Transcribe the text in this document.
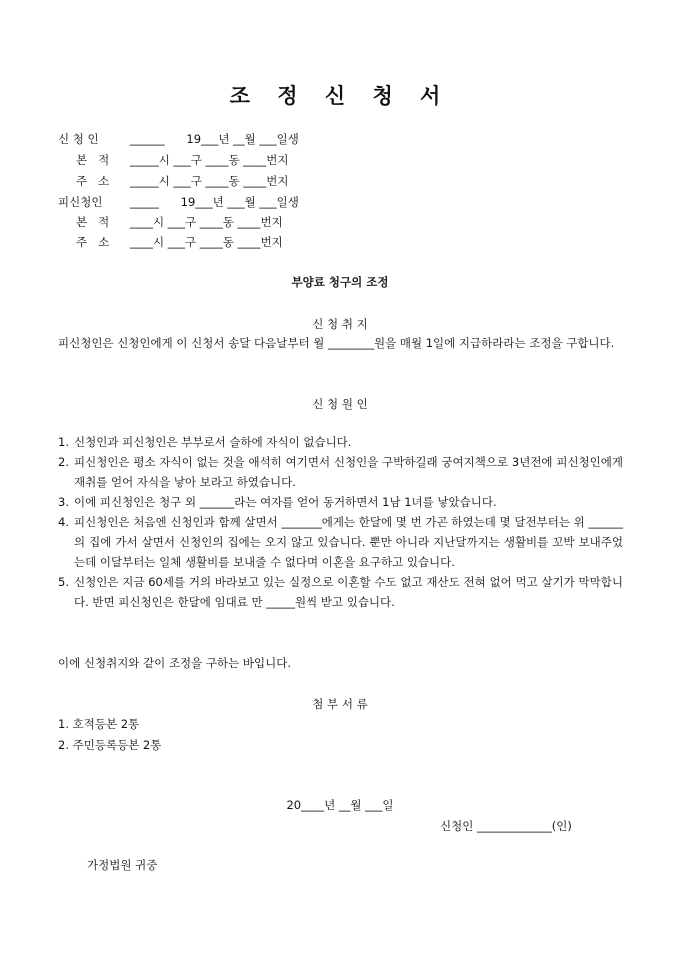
조 정 신 청 서
신 청 인	______      19___년 __월 ___일생
본   적 _____시 ___구 ____동 ____번지
주   소 _____시 ___구 ____동 ____번지
피신청인 _____      19___년 ___월 ___일생
본   적 ____시 ___구 ____동 ____번지
주   소 ____시 ___구 ____동 ____번지
부양료 청구의 조정
신 청 취 지
피신청인은 신청인에게 이 신청서 송달 다음날부터 월 ________원을 매월 1일에 지급하라라는 조정을 구합니다.
신 청 원 인
1. 신청인과 피신청인은 부부로서 슬하에 자식이 없습니다.
2. 피신청인은 평소 자식이 없는 것을 애석히 여기면서 신청인을 구박하길래 궁여지책으로 3년전에 피신청인에게 재취를 얻어 자식을 낳아 보라고 하였습니다.
3. 이에 피신청인은 청구 외 ______라는 여자를 얻어 동거하면서 1남 1녀를 낳았습니다.
4. 피신청인은 처음엔 신청인과 함께 살면서 _______에게는 한달에 몇 번 가곤 하였는데 몇 달전부터는 위 ______의 집에 가서 살면서 신청인의 집에는 오지 않고 있습니다. 뿐만 아니라 지난달까지는 생활비를 꼬박 보내주었는데 이달부터는 일체 생활비를 보내줄 수 없다며 이혼을 요구하고 있습니다.
5. 신청인은 지금 60세를 거의 바라보고 있는 실정으로 이혼할 수도 없고 재산도 전혀 없어 먹고 살기가 막막합니다. 반면 피신청인은 한달에 임대료 만 _____원씩 받고 있습니다.
이에 신청취지와 같이 조정을 구하는 바입니다.
첨 부 서 류
1. 호적등본 2통
2. 주민등록등본 2통
20____년 __월 ___일
신청인 _____________(인)
가정법원 귀중
